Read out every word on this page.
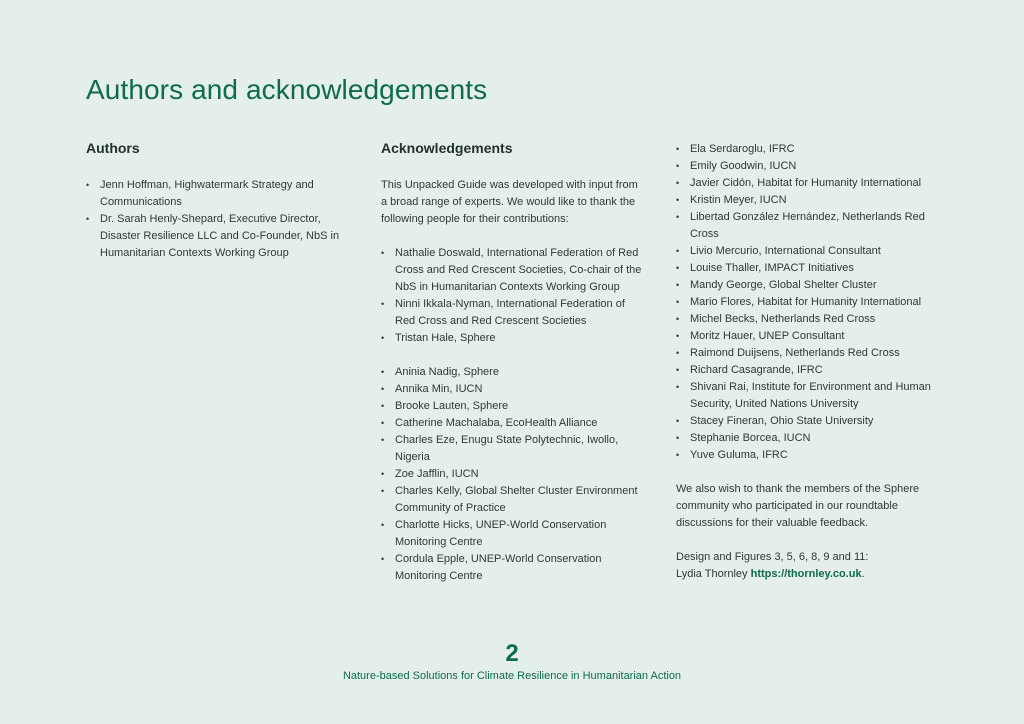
Authors and acknowledgements
Authors
• Jenn Hoffman, Highwatermark Strategy and Communications
• Dr. Sarah Henly-Shepard, Executive Director, Disaster Resilience LLC and Co-Founder, NbS in Humanitarian Contexts Working Group
Acknowledgements

This Unpacked Guide was developed with input from a broad range of experts. We would like to thank the following people for their contributions:

• Nathalie Doswald, International Federation of Red Cross and Red Crescent Societies, Co-chair of the NbS in Humanitarian Contexts Working Group
• Ninni Ikkala-Nyman, International Federation of Red Cross and Red Crescent Societies
• Tristan Hale, Sphere
• Aninia Nadig, Sphere
• Annika Min, IUCN
• Brooke Lauten, Sphere
• Catherine Machalaba, EcoHealth Alliance
• Charles Eze, Enugu State Polytechnic, Iwollo, Nigeria
• Zoe Jafflin, IUCN
• Charles Kelly, Global Shelter Cluster Environment Community of Practice
• Charlotte Hicks, UNEP-World Conservation Monitoring Centre
• Cordula Epple, UNEP-World Conservation Monitoring Centre
• Ela Serdaroglu, IFRC
• Emily Goodwin, IUCN
• Javier Cidón, Habitat for Humanity International
• Kristin Meyer, IUCN
• Libertad González Hernández, Netherlands Red Cross
• Livio Mercurio, International Consultant
• Louise Thaller, IMPACT Initiatives
• Mandy George, Global Shelter Cluster
• Mario Flores, Habitat for Humanity International
• Michel Becks, Netherlands Red Cross
• Moritz Hauer, UNEP Consultant
• Raimond Duijsens, Netherlands Red Cross
• Richard Casagrande, IFRC
• Shivani Rai, Institute for Environment and Human Security, United Nations University
• Stacey Fineran, Ohio State University
• Stephanie Borcea, IUCN
• Yuve Guluma, IFRC

We also wish to thank the members of the Sphere community who participated in our roundtable discussions for their valuable feedback.

Design and Figures 3, 5, 6, 8, 9 and 11:
Lydia Thornley https://thornley.co.uk.

2
Nature-based Solutions for Climate Resilience in Humanitarian Action
